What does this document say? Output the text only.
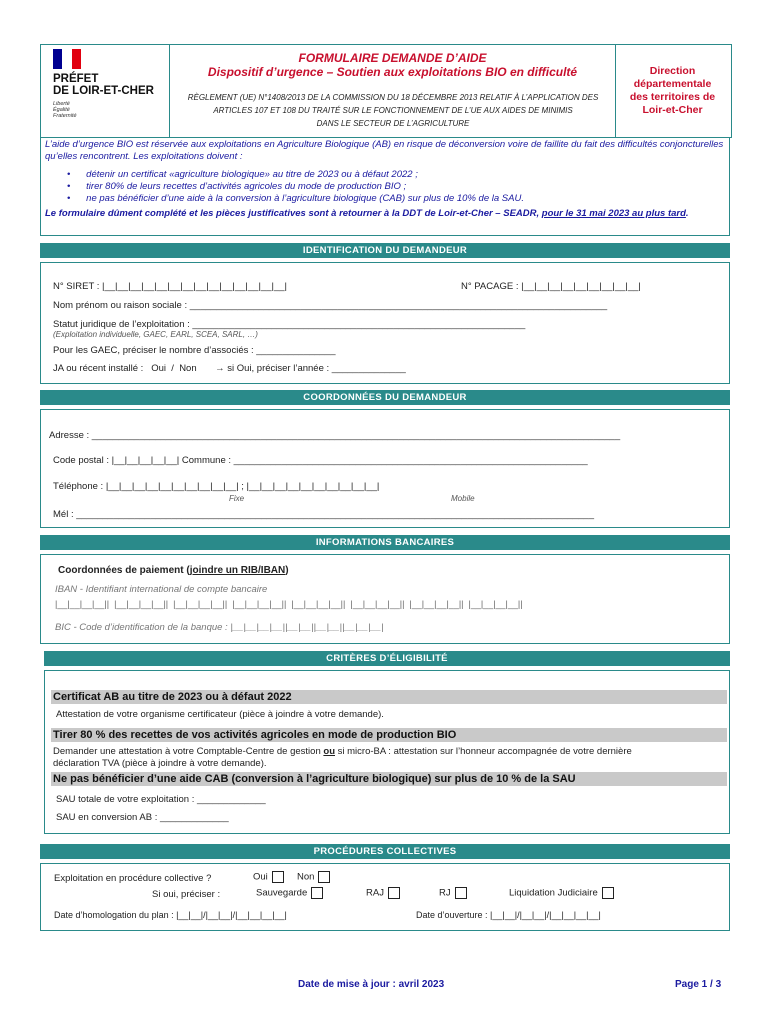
PRÉFET
DE LOIR-ET-CHER
Liberté
Égalité
Fraternité
FORMULAIRE DEMANDE D’AIDE
Dispositif d’urgence – Soutien aux exploitations BIO en difficulté
RÈGLEMENT (UE) N°1408/2013 DE LA COMMISSION DU 18 DÉCEMBRE 2013 RELATIF À L’APPLICATION DES
ARTICLES 107 ET 108 DU TRAITÉ SUR LE FONCTIONNEMENT DE L’UE AUX AIDES DE MINIMIS
DANS LE SECTEUR DE L’AGRICULTURE
Direction
départementale
des territoires de
Loir-et-Cher
L’aide d’urgence BIO est réservée aux exploitations en Agriculture Biologique (AB) en risque de déconversion voire de faillite du fait des difficultés conjoncturelles qu’elles rencontrent. Les exploitations doivent :
•      détenir un certificat «agriculture biologique» au titre de 2023 ou à défaut 2022 ;
•      tirer 80% de leurs recettes d’activités agricoles du mode de production BIO ;
•      ne pas bénéficier d’une aide à la conversion à l’agriculture biologique (CAB) sur plus de 10% de la SAU.
Le formulaire dûment complété et les pièces justificatives sont à retourner à la DDT de Loir-et-Cher – SEADR, pour le 31 mai 2023 au plus tard.
IDENTIFICATION DU DEMANDEUR
N° SIRET : |__|__|__|__|__|__|__|__|__|__|__|__|__|__|	N° PACAGE : |__|__|__|__|__|__|__|__|__|
Nom prénom ou raison sociale : _______________________________________________________________________________
Statut juridique de l’exploitation : _______________________________________________________________
(Exploitation individuelle, GAEC, EARL, SCEA, SARL, …)
Pour les GAEC, préciser le nombre d’associés : _______________
JA ou récent installé :   Oui  /  Non       → si Oui, préciser l’année : ______________
COORDONNÉES DU DEMANDEUR
Adresse : ____________________________________________________________________________________________________
Code postal : |__|__|__|__|__| Commune : ___________________________________________________________________
Téléphone : |__|__|__|__|__|__|__|__|__|__| ; |__|__|__|__|__|__|__|__|__|__|
Fixe	Mobile
Mél : __________________________________________________________________________________________________
INFORMATIONS BANCAIRES
Coordonnées de paiement (joindre un RIB/IBAN)
IBAN - Identifiant international de compte bancaire
|__|__|__|__||  |__|__|__|__||  |__|__|__|__||  |__|__|__|__||  |__|__|__|__||  |__|__|__|__||  |__|__|__|__||  |__|__|__|__||
BIC - Code d’identification de la banque : |__|__|__|__||__|__||__|__||__|__|__|
CRITÈRES D’ÉLIGIBILITÉ
Certificat AB au titre de 2023 ou à défaut 2022
Attestation de votre organisme certificateur (pièce à joindre à votre demande).
Tirer 80 % des recettes de vos activités agricoles en mode de production BIO
Demander une attestation à votre Comptable-Centre de gestion ou si micro-BA : attestation sur l’honneur accompagnée de votre dernière
déclaration TVA (pièce à joindre à votre demande).
Ne pas bénéficier d’une aide CAB (conversion à l’agriculture biologique) sur plus de 10 % de la SAU
SAU totale de votre exploitation : _____________
SAU en conversion AB : _____________
PROCÉDURES COLLECTIVES
Exploitation en procédure collective ?	Oui	Non
Si oui, préciser :	Sauvegarde	RAJ	RJ	Liquidation Judiciaire
Date d’homologation du plan : |__|__|/|__|__|/|__|__|__|__|	Date d’ouverture : |__|__|/|__|__|/|__|__|__|__|
Date de mise à jour : avril 2023	Page 1 / 3
